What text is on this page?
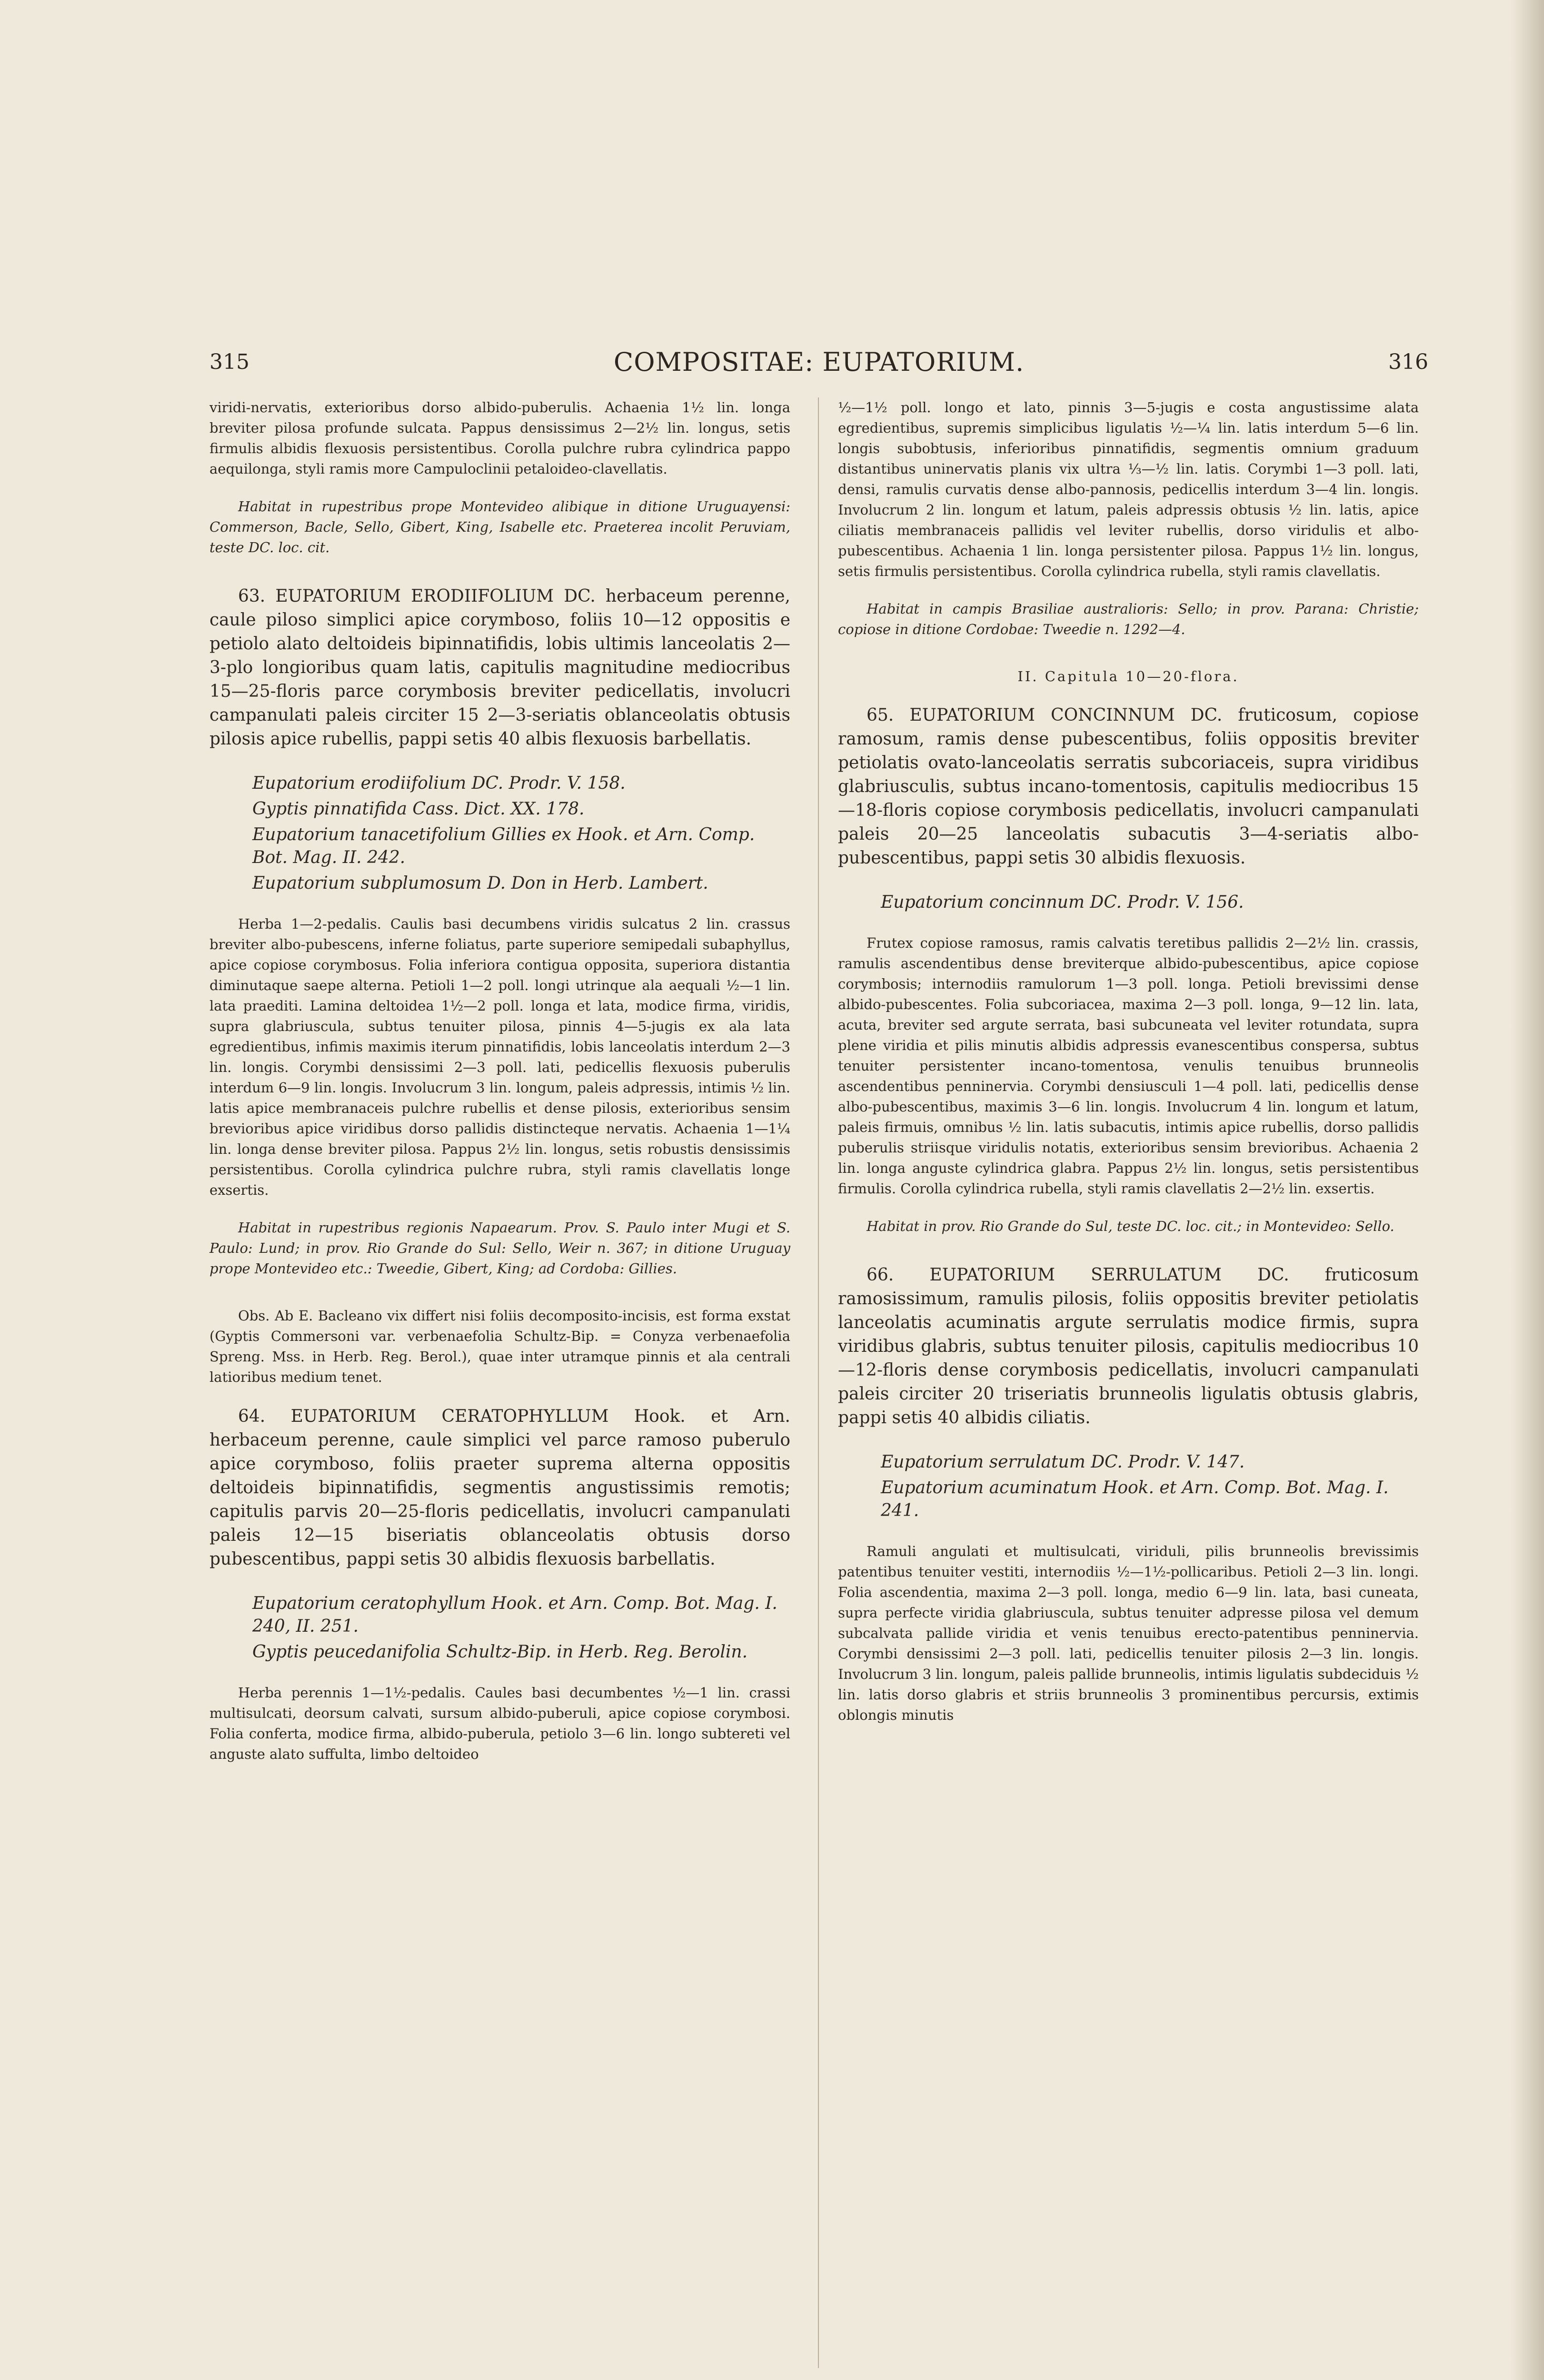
315	COMPOSITAE: EUPATORIUM.	316

viridi-nervatis, exterioribus dorso albido-puberulis. Achaenia 1½ lin. longa breviter pilosa profunde sulcata. Pappus densissimus 2—2½ lin. longus, setis firmulis albidis flexuosis persistentibus. Corolla pulchre rubra cylindrica pappo aequilonga, styli ramis more Campuloclinii petaloideo-clavellatis.

Habitat in rupestribus prope Montevideo alibique in ditione Uruguayensi: Commerson, Bacle, Sello, Gibert, King, Isabelle etc. Praeterea incolit Peruviam, teste DC. loc. cit.

63. EUPATORIUM ERODIIFOLIUM DC. herbaceum perenne, caule piloso simplici apice corymboso, foliis 10—12 oppositis e petiolo alato deltoideis bipinnatifidis, lobis ultimis lanceolatis 2—3-plo longioribus quam latis, capitulis magnitudine mediocribus 15—25-floris parce corymbosis breviter pedicellatis, involucri campanulati paleis circiter 15 2—3-seriatis oblanceolatis obtusis pilosis apice rubellis, pappi setis 40 albis flexuosis barbellatis.

Eupatorium erodiifolium DC. Prodr. V. 158.

Gyptis pinnatifida Cass. Dict. XX. 178.

Eupatorium tanacetifolium Gillies ex Hook. et Arn. Comp. Bot. Mag. II. 242.

Eupatorium subplumosum D. Don in Herb. Lambert.

Herba 1—2-pedalis. Caulis basi decumbens viridis sulcatus 2 lin. crassus breviter albo-pubescens, inferne foliatus, parte superiore semipedali subaphyllus, apice copiose corymbosus. Folia inferiora contigua opposita, superiora distantia diminutaque saepe alterna. Petioli 1—2 poll. longi utrinque ala aequali ½—1 lin. lata praediti. Lamina deltoidea 1½—2 poll. longa et lata, modice firma, viridis, supra glabriuscula, subtus tenuiter pilosa, pinnis 4—5-jugis ex ala lata egredientibus, infimis maximis iterum pinnatifidis, lobis lanceolatis interdum 2—3 lin. longis. Corymbi densissimi 2—3 poll. lati, pedicellis flexuosis puberulis interdum 6—9 lin. longis. Involucrum 3 lin. longum, paleis adpressis, intimis ½ lin. latis apice membranaceis pulchre rubellis et dense pilosis, exterioribus sensim brevioribus apice viridibus dorso pallidis distincteque nervatis. Achaenia 1—1¼ lin. longa dense breviter pilosa. Pappus 2½ lin. longus, setis robustis densissimis persistentibus. Corolla cylindrica pulchre rubra, styli ramis clavellatis longe exsertis.

Habitat in rupestribus regionis Napaearum. Prov. S. Paulo inter Mugi et S. Paulo: Lund; in prov. Rio Grande do Sul: Sello, Weir n. 367; in ditione Uruguay prope Montevideo etc.: Tweedie, Gibert, King; ad Cordoba: Gillies.

Obs. Ab E. Bacleano vix differt nisi foliis decomposito-incisis, est forma exstat (Gyptis Commersoni var. verbenaefolia Schultz-Bip. = Conyza verbenaefolia Spreng. Mss. in Herb. Reg. Berol.), quae inter utramque pinnis et ala centrali latioribus medium tenet.

64. EUPATORIUM CERATOPHYLLUM Hook. et Arn. herbaceum perenne, caule simplici vel parce ramoso puberulo apice corymboso, foliis praeter suprema alterna oppositis deltoideis bipinnatifidis, segmentis angustissimis remotis; capitulis parvis 20—25-floris pedicellatis, involucri campanulati paleis 12—15 biseriatis oblanceolatis obtusis dorso pubescentibus, pappi setis 30 albidis flexuosis barbellatis.

Eupatorium ceratophyllum Hook. et Arn. Comp. Bot. Mag. I. 240, II. 251.

Gyptis peucedanifolia Schultz-Bip. in Herb. Reg. Berolin.

Herba perennis 1—1½-pedalis. Caules basi decumbentes ½—1 lin. crassi multisulcati, deorsum calvati, sursum albido-puberuli, apice copiose corymbosi. Folia conferta, modice firma, albido-puberula, petiolo 3—6 lin. longo subtereti vel anguste alato suffulta, limbo deltoideo

½—1½ poll. longo et lato, pinnis 3—5-jugis e costa angustissime alata egredientibus, supremis simplicibus ligulatis ½—¼ lin. latis interdum 5—6 lin. longis subobtusis, inferioribus pinnatifidis, segmentis omnium graduum distantibus uninervatis planis vix ultra ⅓—½ lin. latis. Corymbi 1—3 poll. lati, densi, ramulis curvatis dense albo-pannosis, pedicellis interdum 3—4 lin. longis. Involucrum 2 lin. longum et latum, paleis adpressis obtusis ½ lin. latis, apice ciliatis membranaceis pallidis vel leviter rubellis, dorso viridulis et albo-pubescentibus. Achaenia 1 lin. longa persistenter pilosa. Pappus 1½ lin. longus, setis firmulis persistentibus. Corolla cylindrica rubella, styli ramis clavellatis.

Habitat in campis Brasiliae australioris: Sello; in prov. Parana: Christie; copiose in ditione Cordobae: Tweedie n. 1292—4.

II. Capitula 10—20-flora.

65. EUPATORIUM CONCINNUM DC. fruticosum, copiose ramosum, ramis dense pubescentibus, foliis oppositis breviter petiolatis ovato-lanceolatis serratis subcoriaceis, supra viridibus glabriusculis, subtus incano-tomentosis, capitulis mediocribus 15—18-floris copiose corymbosis pedicellatis, involucri campanulati paleis 20—25 lanceolatis subacutis 3—4-seriatis albo-pubescentibus, pappi setis 30 albidis flexuosis.

Eupatorium concinnum DC. Prodr. V. 156.

Frutex copiose ramosus, ramis calvatis teretibus pallidis 2—2½ lin. crassis, ramulis ascendentibus dense breviterque albido-pubescentibus, apice copiose corymbosis; internodiis ramulorum 1—3 poll. longa. Petioli brevissimi dense albido-pubescentes. Folia subcoriacea, maxima 2—3 poll. longa, 9—12 lin. lata, acuta, breviter sed argute serrata, basi subcuneata vel leviter rotundata, supra plene viridia et pilis minutis albidis adpressis evanescentibus conspersa, subtus tenuiter persistenter incano-tomentosa, venulis tenuibus brunneolis ascendentibus penninervia. Corymbi densiusculi 1—4 poll. lati, pedicellis dense albo-pubescentibus, maximis 3—6 lin. longis. Involucrum 4 lin. longum et latum, paleis firmuis, omnibus ½ lin. latis subacutis, intimis apice rubellis, dorso pallidis puberulis striisque viridulis notatis, exterioribus sensim brevioribus. Achaenia 2 lin. longa anguste cylindrica glabra. Pappus 2½ lin. longus, setis persistentibus firmulis. Corolla cylindrica rubella, styli ramis clavellatis 2—2½ lin. exsertis.

Habitat in prov. Rio Grande do Sul, teste DC. loc. cit.; in Montevideo: Sello.

66. EUPATORIUM SERRULATUM DC. fruticosum ramosissimum, ramulis pilosis, foliis oppositis breviter petiolatis lanceolatis acuminatis argute serrulatis modice firmis, supra viridibus glabris, subtus tenuiter pilosis, capitulis mediocribus 10—12-floris dense corymbosis pedicellatis, involucri campanulati paleis circiter 20 triseriatis brunneolis ligulatis obtusis glabris, pappi setis 40 albidis ciliatis.

Eupatorium serrulatum DC. Prodr. V. 147.

Eupatorium acuminatum Hook. et Arn. Comp. Bot. Mag. I. 241.

Ramuli angulati et multisulcati, viriduli, pilis brunneolis brevissimis patentibus tenuiter vestiti, internodiis ½—1½-pollicaribus. Petioli 2—3 lin. longi. Folia ascendentia, maxima 2—3 poll. longa, medio 6—9 lin. lata, basi cuneata, supra perfecte viridia glabriuscula, subtus tenuiter adpresse pilosa vel demum subcalvata pallide viridia et venis tenuibus erecto-patentibus penninervia. Corymbi densissimi 2—3 poll. lati, pedicellis tenuiter pilosis 2—3 lin. longis. Involucrum 3 lin. longum, paleis pallide brunneolis, intimis ligulatis subdeciduis ½ lin. latis dorso glabris et striis brunneolis 3 prominentibus percursis, extimis oblongis minutis
